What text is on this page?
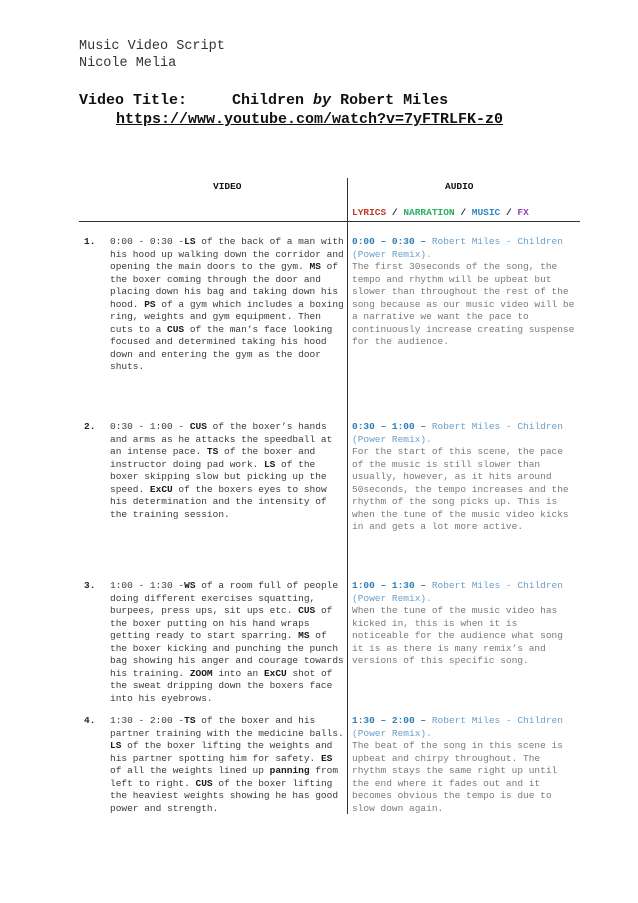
Music Video Script
Nicole Melia
Video Title:	Children by Robert Miles
https://www.youtube.com/watch?v=7yFTRLFK-z0
VIDEO	AUDIO
LYRICS / NARRATION / MUSIC / FX
1. 0:00 - 0:30 -LS of the back of a man with his hood up walking down the corridor and opening the main doors to the gym. MS of the boxer coming through the door and placing down his bag and taking down his hood. PS of a gym which includes a boxing ring, weights and gym equipment. Then cuts to a CUS of the man’s face looking focused and determined taking his hood down and entering the gym as the door shuts.
0:00 – 0:30 – Robert Miles - Children (Power Remix).
The first 30seconds of the song, the tempo and rhythm will be upbeat but slower than throughout the rest of the song because as our music video will be a narrative we want the pace to continuously increase creating suspense for the audience.
2. 0:30 - 1:00 - CUS of the boxer’s hands and arms as he attacks the speedball at an intense pace. TS of the boxer and instructor doing pad work. LS of the boxer skipping slow but picking up the speed. ExCU of the boxers eyes to show his determination and the intensity of the training session.
0:30 – 1:00 – Robert Miles - Children (Power Remix).
For the start of this scene, the pace of the music is still slower than usually, however, as it hits around 50seconds, the tempo increases and the rhythm of the song picks up. This is when the tune of the music video kicks in and gets a lot more active.
3. 1:00 - 1:30 -WS of a room full of people doing different exercises squatting, burpees, press ups, sit ups etc. CUS of the boxer putting on his hand wraps getting ready to start sparring. MS of the boxer kicking and punching the punch bag showing his anger and courage towards his training. ZOOM into an ExCU shot of the sweat dripping down the boxers face into his eyebrows.
1:00 – 1:30 – Robert Miles - Children (Power Remix).
When the tune of the music video has kicked in, this is when it is noticeable for the audience what song it is as there is many remix’s and versions of this specific song.
4. 1:30 - 2:00 -TS of the boxer and his partner training with the medicine balls. LS of the boxer lifting the weights and his partner spotting him for safety. ES of all the weights lined up panning from left to right. CUS of the boxer lifting the heaviest weights showing he has good power and strength.
1:30 – 2:00 – Robert Miles - Children (Power Remix).
The beat of the song in this scene is upbeat and chirpy throughout. The rhythm stays the same right up until the end where it fades out and it becomes obvious the tempo is due to slow down again.
